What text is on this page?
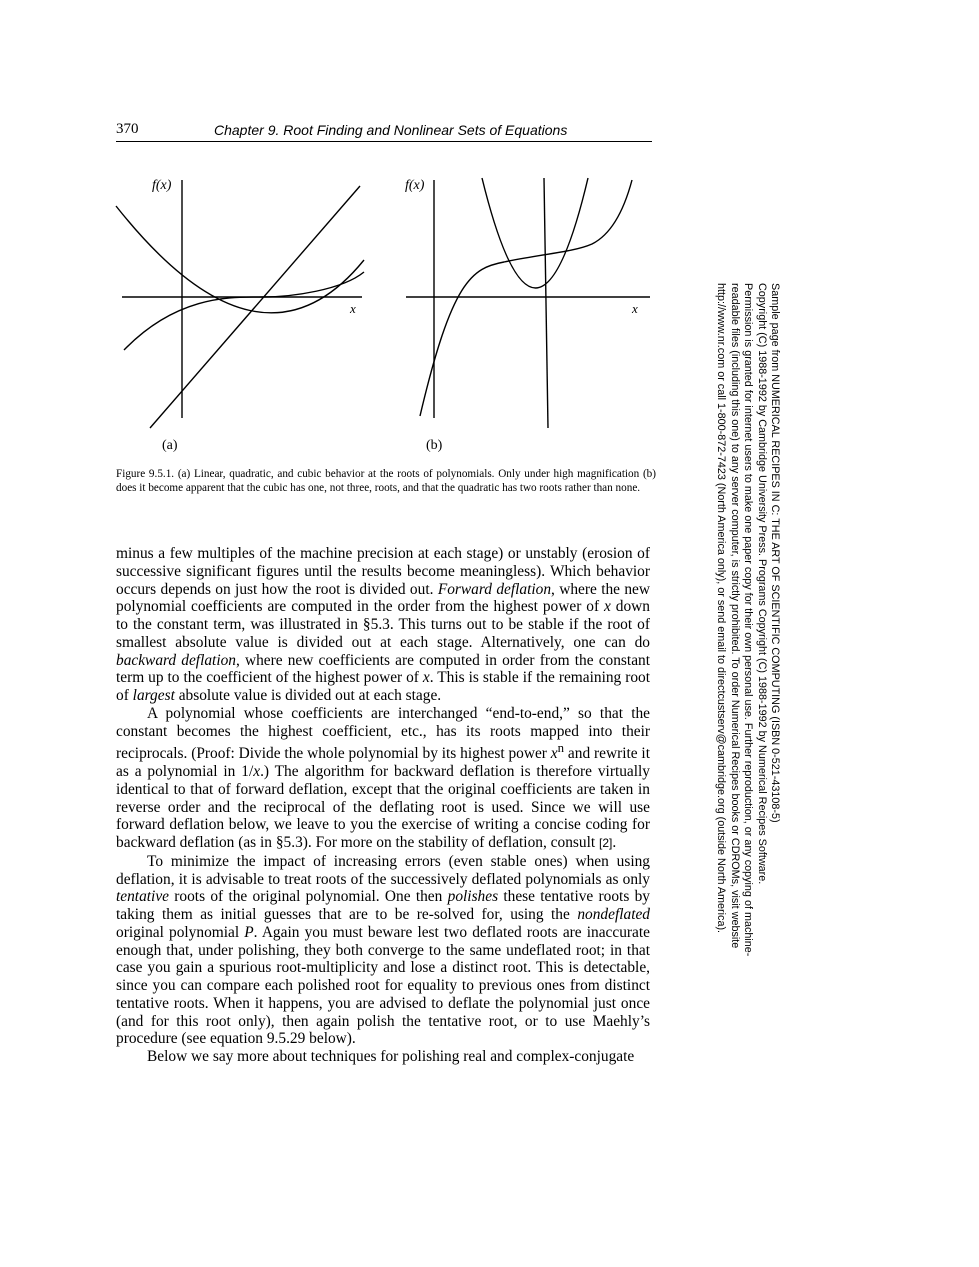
370	Chapter 9. Root Finding and Nonlinear Sets of Equations
f(x)
x
f(x)
x
(a)	(b)

Figure 9.5.1. (a) Linear, quadratic, and cubic behavior at the roots of polynomials. Only under high magnification (b) does it become apparent that the cubic has one, not three, roots, and that the quadratic has two roots rather than none.

minus a few multiples of the machine precision at each stage) or unstably (erosion of successive significant figures until the results become meaningless). Which behavior occurs depends on just how the root is divided out. Forward deflation, where the new polynomial coefficients are computed in the order from the highest power of x down to the constant term, was illustrated in §5.3. This turns out to be stable if the root of smallest absolute value is divided out at each stage. Alternatively, one can do backward deflation, where new coefficients are computed in order from the constant term up to the coefficient of the highest power of x. This is stable if the remaining root of largest absolute value is divided out at each stage.

A polynomial whose coefficients are interchanged “end-to-end,” so that the constant becomes the highest coefficient, etc., has its roots mapped into their reciprocals. (Proof: Divide the whole polynomial by its highest power $x^n$ and rewrite it as a polynomial in 1/x.) The algorithm for backward deflation is therefore virtually identical to that of forward deflation, except that the original coefficients are taken in reverse order and the reciprocal of the deflating root is used. Since we will use forward deflation below, we leave to you the exercise of writing a concise coding for backward deflation (as in §5.3). For more on the stability of deflation, consult [2].

To minimize the impact of increasing errors (even stable ones) when using deflation, it is advisable to treat roots of the successively deflated polynomials as only tentative roots of the original polynomial. One then polishes these tentative roots by taking them as initial guesses that are to be re-solved for, using the nondeflated original polynomial P. Again you must beware lest two deflated roots are inaccurate enough that, under polishing, they both converge to the same undeflated root; in that case you gain a spurious root-multiplicity and lose a distinct root. This is detectable, since you can compare each polished root for equality to previous ones from distinct tentative roots. When it happens, you are advised to deflate the polynomial just once (and for this root only), then again polish the tentative root, or to use Maehly’s procedure (see equation 9.5.29 below).

Below we say more about techniques for polishing real and complex-conjugate

Sample page from NUMERICAL RECIPES IN C: THE ART OF SCIENTIFIC COMPUTING (ISBN 0-521-43108-5)
Copyright (C) 1988-1992 by Cambridge University Press. Programs Copyright (C) 1988-1992 by Numerical Recipes Software.
Permission is granted for internet users to make one paper copy for their own personal use. Further reproduction, or any copying of machine-
readable files (including this one) to any server computer, is strictly prohibited. To order Numerical Recipes books or CDROMs, visit website
http://www.nr.com or call 1-800-872-7423 (North America only), or send email to directcustserv@cambridge.org (outside North America).
